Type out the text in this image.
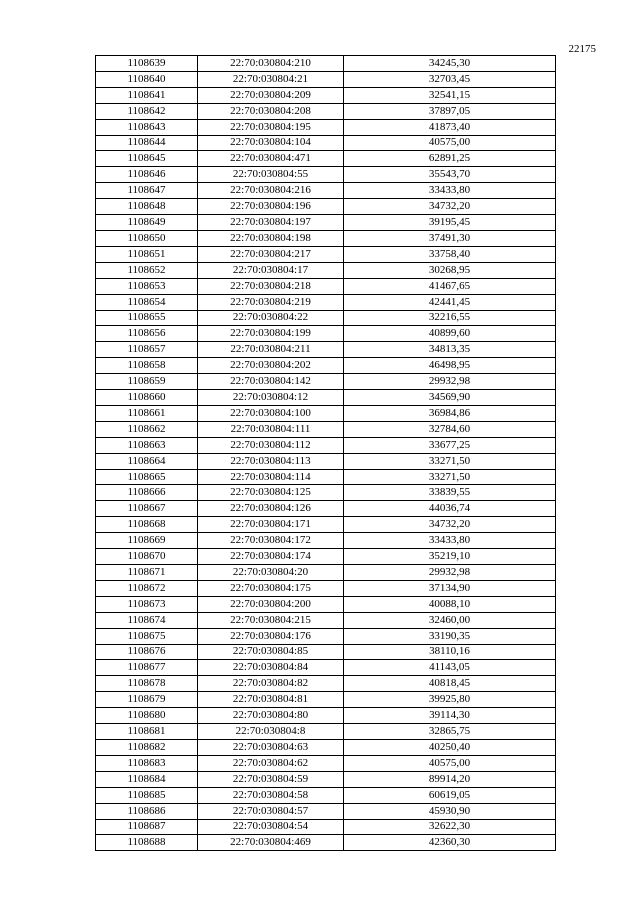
22175
1108639	22:70:030804:210	34245,30
1108640	22:70:030804:21	32703,45
1108641	22:70:030804:209	32541,15
1108642	22:70:030804:208	37897,05
1108643	22:70:030804:195	41873,40
1108644	22:70:030804:104	40575,00
1108645	22:70:030804:471	62891,25
1108646	22:70:030804:55	35543,70
1108647	22:70:030804:216	33433,80
1108648	22:70:030804:196	34732,20
1108649	22:70:030804:197	39195,45
1108650	22:70:030804:198	37491,30
1108651	22:70:030804:217	33758,40
1108652	22:70:030804:17	30268,95
1108653	22:70:030804:218	41467,65
1108654	22:70:030804:219	42441,45
1108655	22:70:030804:22	32216,55
1108656	22:70:030804:199	40899,60
1108657	22:70:030804:211	34813,35
1108658	22:70:030804:202	46498,95
1108659	22:70:030804:142	29932,98
1108660	22:70:030804:12	34569,90
1108661	22:70:030804:100	36984,86
1108662	22:70:030804:111	32784,60
1108663	22:70:030804:112	33677,25
1108664	22:70:030804:113	33271,50
1108665	22:70:030804:114	33271,50
1108666	22:70:030804:125	33839,55
1108667	22:70:030804:126	44036,74
1108668	22:70:030804:171	34732,20
1108669	22:70:030804:172	33433,80
1108670	22:70:030804:174	35219,10
1108671	22:70:030804:20	29932,98
1108672	22:70:030804:175	37134,90
1108673	22:70:030804:200	40088,10
1108674	22:70:030804:215	32460,00
1108675	22:70:030804:176	33190,35
1108676	22:70:030804:85	38110,16
1108677	22:70:030804:84	41143,05
1108678	22:70:030804:82	40818,45
1108679	22:70:030804:81	39925,80
1108680	22:70:030804:80	39114,30
1108681	22:70:030804:8	32865,75
1108682	22:70:030804:63	40250,40
1108683	22:70:030804:62	40575,00
1108684	22:70:030804:59	89914,20
1108685	22:70:030804:58	60619,05
1108686	22:70:030804:57	45930,90
1108687	22:70:030804:54	32622,30
1108688	22:70:030804:469	42360,30
